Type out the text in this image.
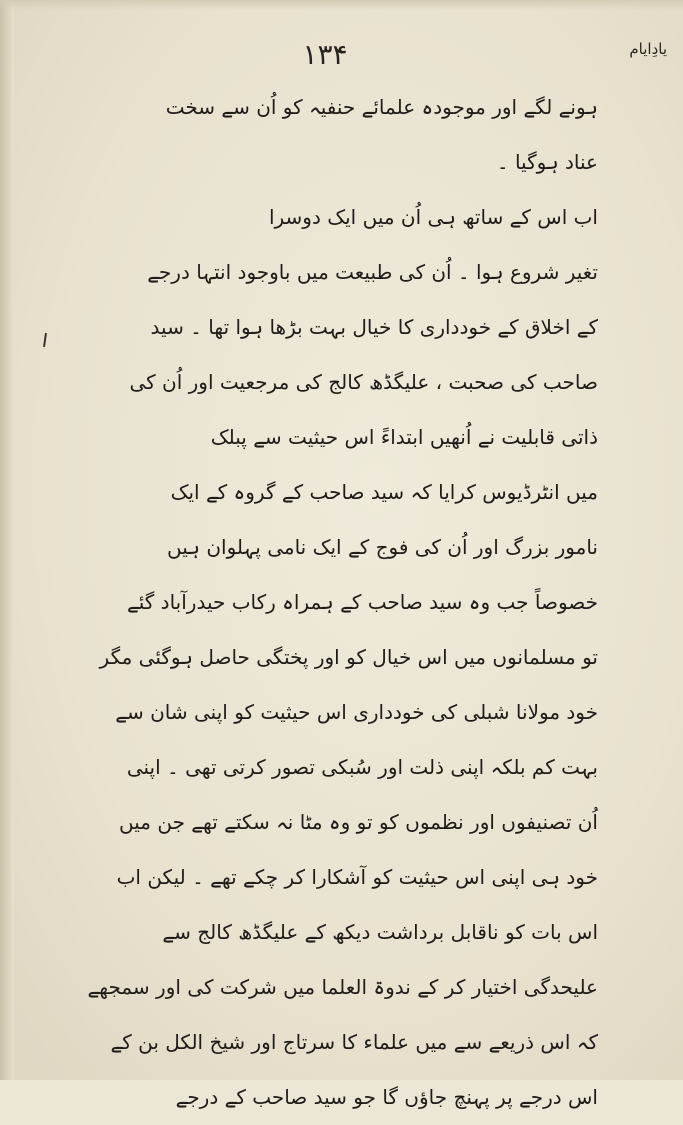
یادِایام
۱۳۴
ہونے لگے اور موجودہ علمائے حنفیہ کو اُن سے سخت
عناد ہوگیا ۔
اب اس کے ساتھ ہی اُن میں ایک دوسرا
تغیر شروع ہوا ۔ اُن کی طبیعت میں باوجود انتہا درجے
کے اخلاق کے خودداری کا خیال بہت بڑھا ہوا تھا ۔ سید
صاحب کی صحبت ، علیگڈھ کالج کی مرجعیت اور اُن کی
ذاتی قابلیت نے اُنھیں ابتداءً اس حیثیت سے پبلک
میں انٹرڈیوس کرایا کہ سید صاحب کے گروہ کے ایک
نامور بزرگ اور اُن کی فوج کے ایک نامی پہلوان ہیں
خصوصاً جب وہ سید صاحب کے ہمراہ رکاب حیدرآباد گئے
تو مسلمانوں میں اس خیال کو اور پختگی حاصل ہوگئی مگر
خود مولانا شبلی کی خودداری اس حیثیت کو اپنی شان سے
بہت کم بلکہ اپنی ذلت اور سُبکی تصور کرتی تھی ۔ اپنی
اُن تصنیفوں اور نظموں کو تو وہ مٹا نہ سکتے تھے جن میں
خود ہی اپنی اس حیثیت کو آشکارا کر چکے تھے ۔ لیکن اب
اس بات کو ناقابل برداشت دیکھ کے علیگڈھ کالج سے
علیحدگی اختیار کر کے ندوۃ العلما میں شرکت کی اور سمجھے
کہ اس ذریعے سے میں علماء کا سرتاج اور شیخ الکل بن کے
اس درجے پر پہنچ جاؤں گا جو سید صاحب کے درجے
